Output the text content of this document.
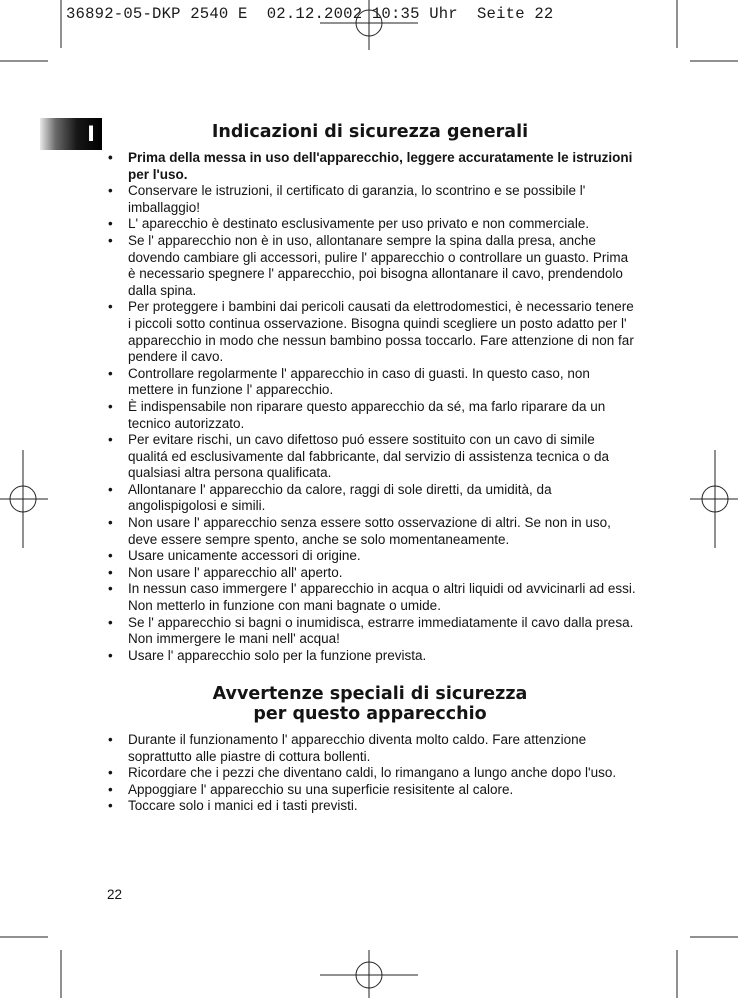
36892-05-DKP 2540 E  02.12.2002 10:35 Uhr  Seite 22
I	Indicazioni di sicurezza generali
• Prima della messa in uso dell'apparecchio, leggere accuratamente le istruzioni per l'uso.
• Conservare le istruzioni, il certificato di garanzia, lo scontrino e se possibile l' imballaggio!
• L' aparecchio è destinato esclusivamente per uso privato e non commerciale.
• Se l' apparecchio non è in uso, allontanare sempre la spina dalla presa, anche dovendo cambiare gli accessori, pulire l' apparecchio o controllare un guasto. Prima è necessario spegnere l' apparecchio, poi bisogna allontanare il cavo, prendendolo dalla spina.
• Per proteggere i bambini dai pericoli causati da elettrodomestici, è necessario tenere i piccoli sotto continua osservazione. Bisogna quindi scegliere un posto adatto per l' apparecchio in modo che nessun bambino possa toccarlo. Fare attenzione di non far pendere il cavo.
• Controllare regolarmente l' apparecchio in caso di guasti. In questo caso, non mettere in funzione l' apparecchio.
• È indispensabile non riparare questo apparecchio da sé, ma farlo riparare da un tecnico autorizzato.
• Per evitare rischi, un cavo difettoso puó essere sostituito con un cavo di simile qualitá ed esclusivamente dal fabbricante, dal servizio di assistenza tecnica o da qualsiasi altra persona qualificata.
• Allontanare l' apparecchio da calore, raggi di sole diretti, da umidità, da angolispigolosi e simili.
• Non usare l' apparecchio senza essere sotto osservazione di altri. Se non in uso, deve essere sempre spento, anche se solo momentaneamente.
• Usare unicamente accessori di origine.
• Non usare l' apparecchio all' aperto.
• In nessun caso immergere l' apparecchio in acqua o altri liquidi od avvicinarli ad essi. Non metterlo in funzione con mani bagnate o umide.
• Se l' apparecchio si bagni o inumidisca, estrarre immediatamente il cavo dalla presa. Non immergere le mani nell' acqua!
• Usare l' apparecchio solo per la funzione prevista.
Avvertenze speciali di sicurezza
per questo apparecchio
• Durante il funzionamento l' apparecchio diventa molto caldo. Fare attenzione soprattutto alle piastre di cottura bollenti.
• Ricordare che i pezzi che diventano caldi, lo rimangano a lungo anche dopo l'uso.
• Appoggiare l' apparecchio su una superficie resisitente al calore.
• Toccare solo i manici ed i tasti previsti.
22
